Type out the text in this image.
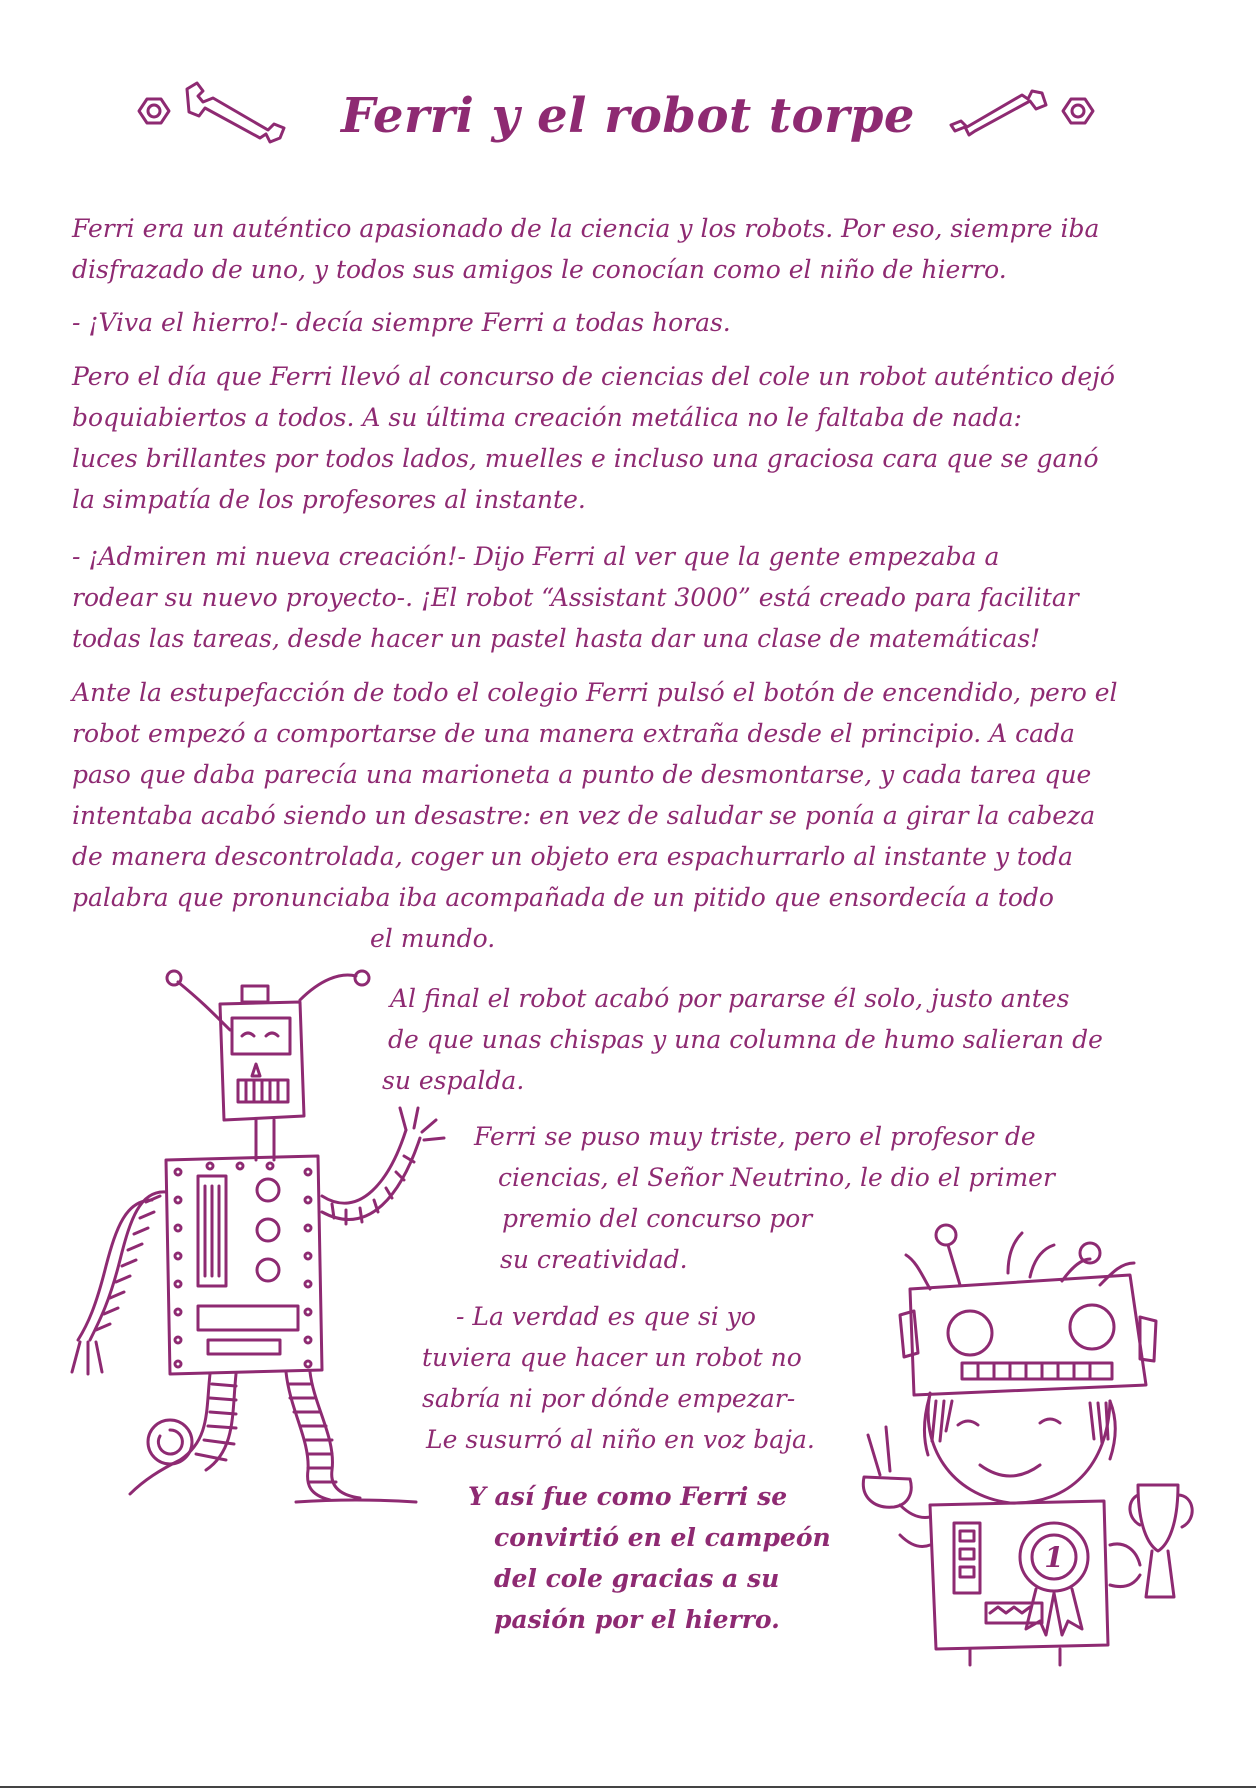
Ferri y el robot torpe
Ferri era un auténtico apasionado de la ciencia y los robots. Por eso, siempre iba
disfrazado de uno, y todos sus amigos le conocían como el niño de hierro.
- ¡Viva el hierro!- decía siempre Ferri a todas horas.
Pero el día que Ferri llevó al concurso de ciencias del cole un robot auténtico dejó
boquiabiertos a todos. A su última creación metálica no le faltaba de nada:
luces brillantes por todos lados, muelles e incluso una graciosa cara que se ganó
la simpatía de los profesores al instante.
- ¡Admiren mi nueva creación!- Dijo Ferri al ver que la gente empezaba a
rodear su nuevo proyecto-. ¡El robot “Assistant 3000” está creado para facilitar
todas las tareas, desde hacer un pastel hasta dar una clase de matemáticas!
Ante la estupefacción de todo el colegio Ferri pulsó el botón de encendido, pero el
robot empezó a comportarse de una manera extraña desde el principio. A cada
paso que daba parecía una marioneta a punto de desmontarse, y cada tarea que
intentaba acabó siendo un desastre: en vez de saludar se ponía a girar la cabeza
de manera descontrolada, coger un objeto era espachurrarlo al instante y toda
palabra que pronunciaba iba acompañada de un pitido que ensordecía a todo
el mundo.
Al final el robot acabó por pararse él solo, justo antes
de que unas chispas y una columna de humo salieran de
su espalda.
Ferri se puso muy triste, pero el profesor de
ciencias, el Señor Neutrino, le dio el primer
premio del concurso por
su creatividad.
- La verdad es que si yo
tuviera que hacer un robot no
sabría ni por dónde empezar-
Le susurró al niño en voz baja.
Y así fue como Ferri se
convirtió en el campeón
del cole gracias a su
pasión por el hierro.
1
